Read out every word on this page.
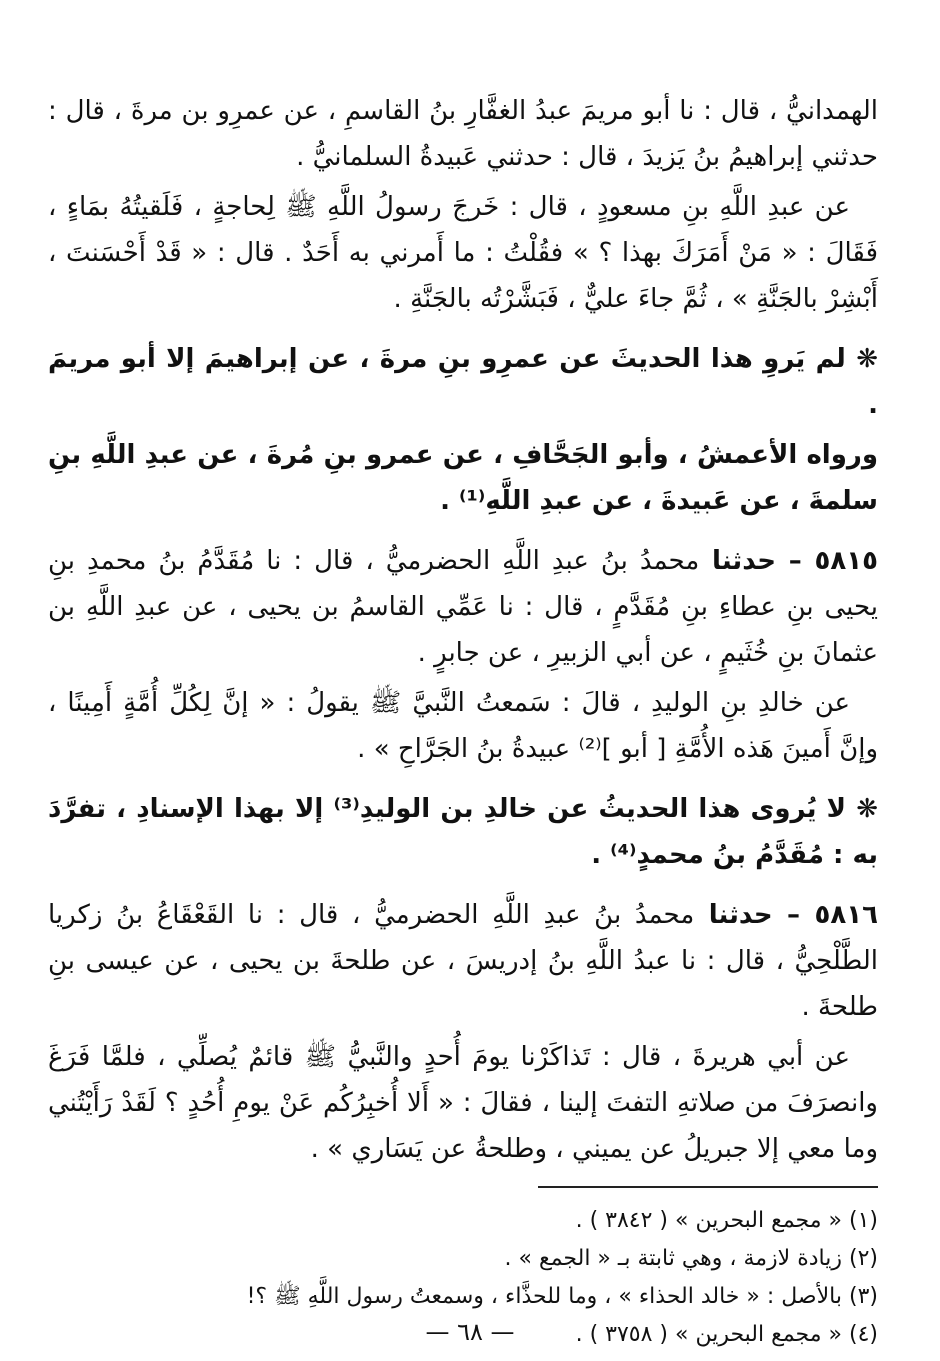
الهمدانيُّ ، قال : نا أبو مريمَ عبدُ الغفَّارِ بنُ القاسمِ ، عن عمرِو بن مرةَ ، قال : حدثني إبراهيمُ بنُ يَزيدَ ، قال : حدثني عَبيدةُ السلمانيُّ .

عن عبدِ اللَّهِ بنِ مسعودٍ ، قال : خَرجَ رسولُ اللَّهِ ﷺ لِحاجةٍ ، فَلَقيتُهُ بمَاءٍ ، فَقَالَ : « مَنْ أَمَرَكَ بهذا ؟ » فقُلْتُ : ما أَمرني به أَحَدٌ . قال : « قَدْ أَحْسَنتَ ، أَبْشِرْ بالجَنَّةِ » ، ثُمَّ جاءَ عليٌّ ، فَبَشَّرْتُه بالجَنَّةِ .

❋ لم يَروِ هذا الحديثَ عن عمرِو بنِ مرةَ ، عن إبراهيمَ إلا أبو مريمَ .

ورواه الأعمشُ ، وأبو الجَحَّافِ ، عن عمرو بنِ مُرةَ ، عن عبدِ اللَّهِ بنِ سلمةَ ، عن عَبيدةَ ، عن عبدِ اللَّهِ⁽¹⁾ .

٥٨١٥ – حدثنا محمدُ بنُ عبدِ اللَّهِ الحضرميُّ ، قال : نا مُقَدَّمُ بنُ محمدِ بنِ يحيى بنِ عطاءِ بنِ مُقَدَّمٍ ، قال : نا عَمِّي القاسمُ بن يحيى ، عن عبدِ اللَّهِ بن عثمانَ بنِ خُثَيمٍ ، عن أبي الزبيرِ ، عن جابرٍ .

عن خالدِ بنِ الوليدِ ، قالَ : سَمعتُ النَّبيَّ ﷺ يقولُ : « إنَّ لِكُلِّ أُمَّةٍ أَمِينًا ، وإنَّ أَمينَ هَذه الأُمَّةِ [ أبو ]⁽²⁾ عبيدةُ بنُ الجَرَّاحِ » .

❋ لا يُروى هذا الحديثُ عن خالدِ بن الوليدِ⁽³⁾ إلا بهذا الإسنادِ ، تفرَّدَ به : مُقَدَّمُ بنُ محمدٍ⁽⁴⁾ .

٥٨١٦ – حدثنا محمدُ بنُ عبدِ اللَّهِ الحضرميُّ ، قال : نا القَعْقَاعُ بنُ زكريا الطَّلْحِيُّ ، قال : نا عبدُ اللَّهِ بنُ إدريسَ ، عن طلحةَ بن يحيى ، عن عيسى بنِ طلحةَ .

عن أبي هريرةَ ، قال : تَذاكَرْنا يومَ أُحدٍ والنَّبيُّ ﷺ قائمٌ يُصلِّي ، فلمَّا فَرَغَ وانصرَفَ من صلاتهِ التفتَ إلينا ، فقالَ : « أَلا أُخبِرُكُم عَنْ يومِ أُحُدٍ ؟ لَقَدْ رَأَيْتُني وما معي إلا جبريلُ عن يميني ، وطلحةُ عن يَسَاري » .

(١) « مجمع البحرين » ( ٣٨٤٢ ) .

(٢) زيادة لازمة ، وهي ثابتة بـ « الجمع » .

(٣) بالأصل : « خالد الحذاء » ، وما للحذَّاء ، وسمعتُ رسول اللَّهِ ﷺ ؟!

(٤) « مجمع البحرين » ( ٣٧٥٨ ) .

— ٦٨ —
